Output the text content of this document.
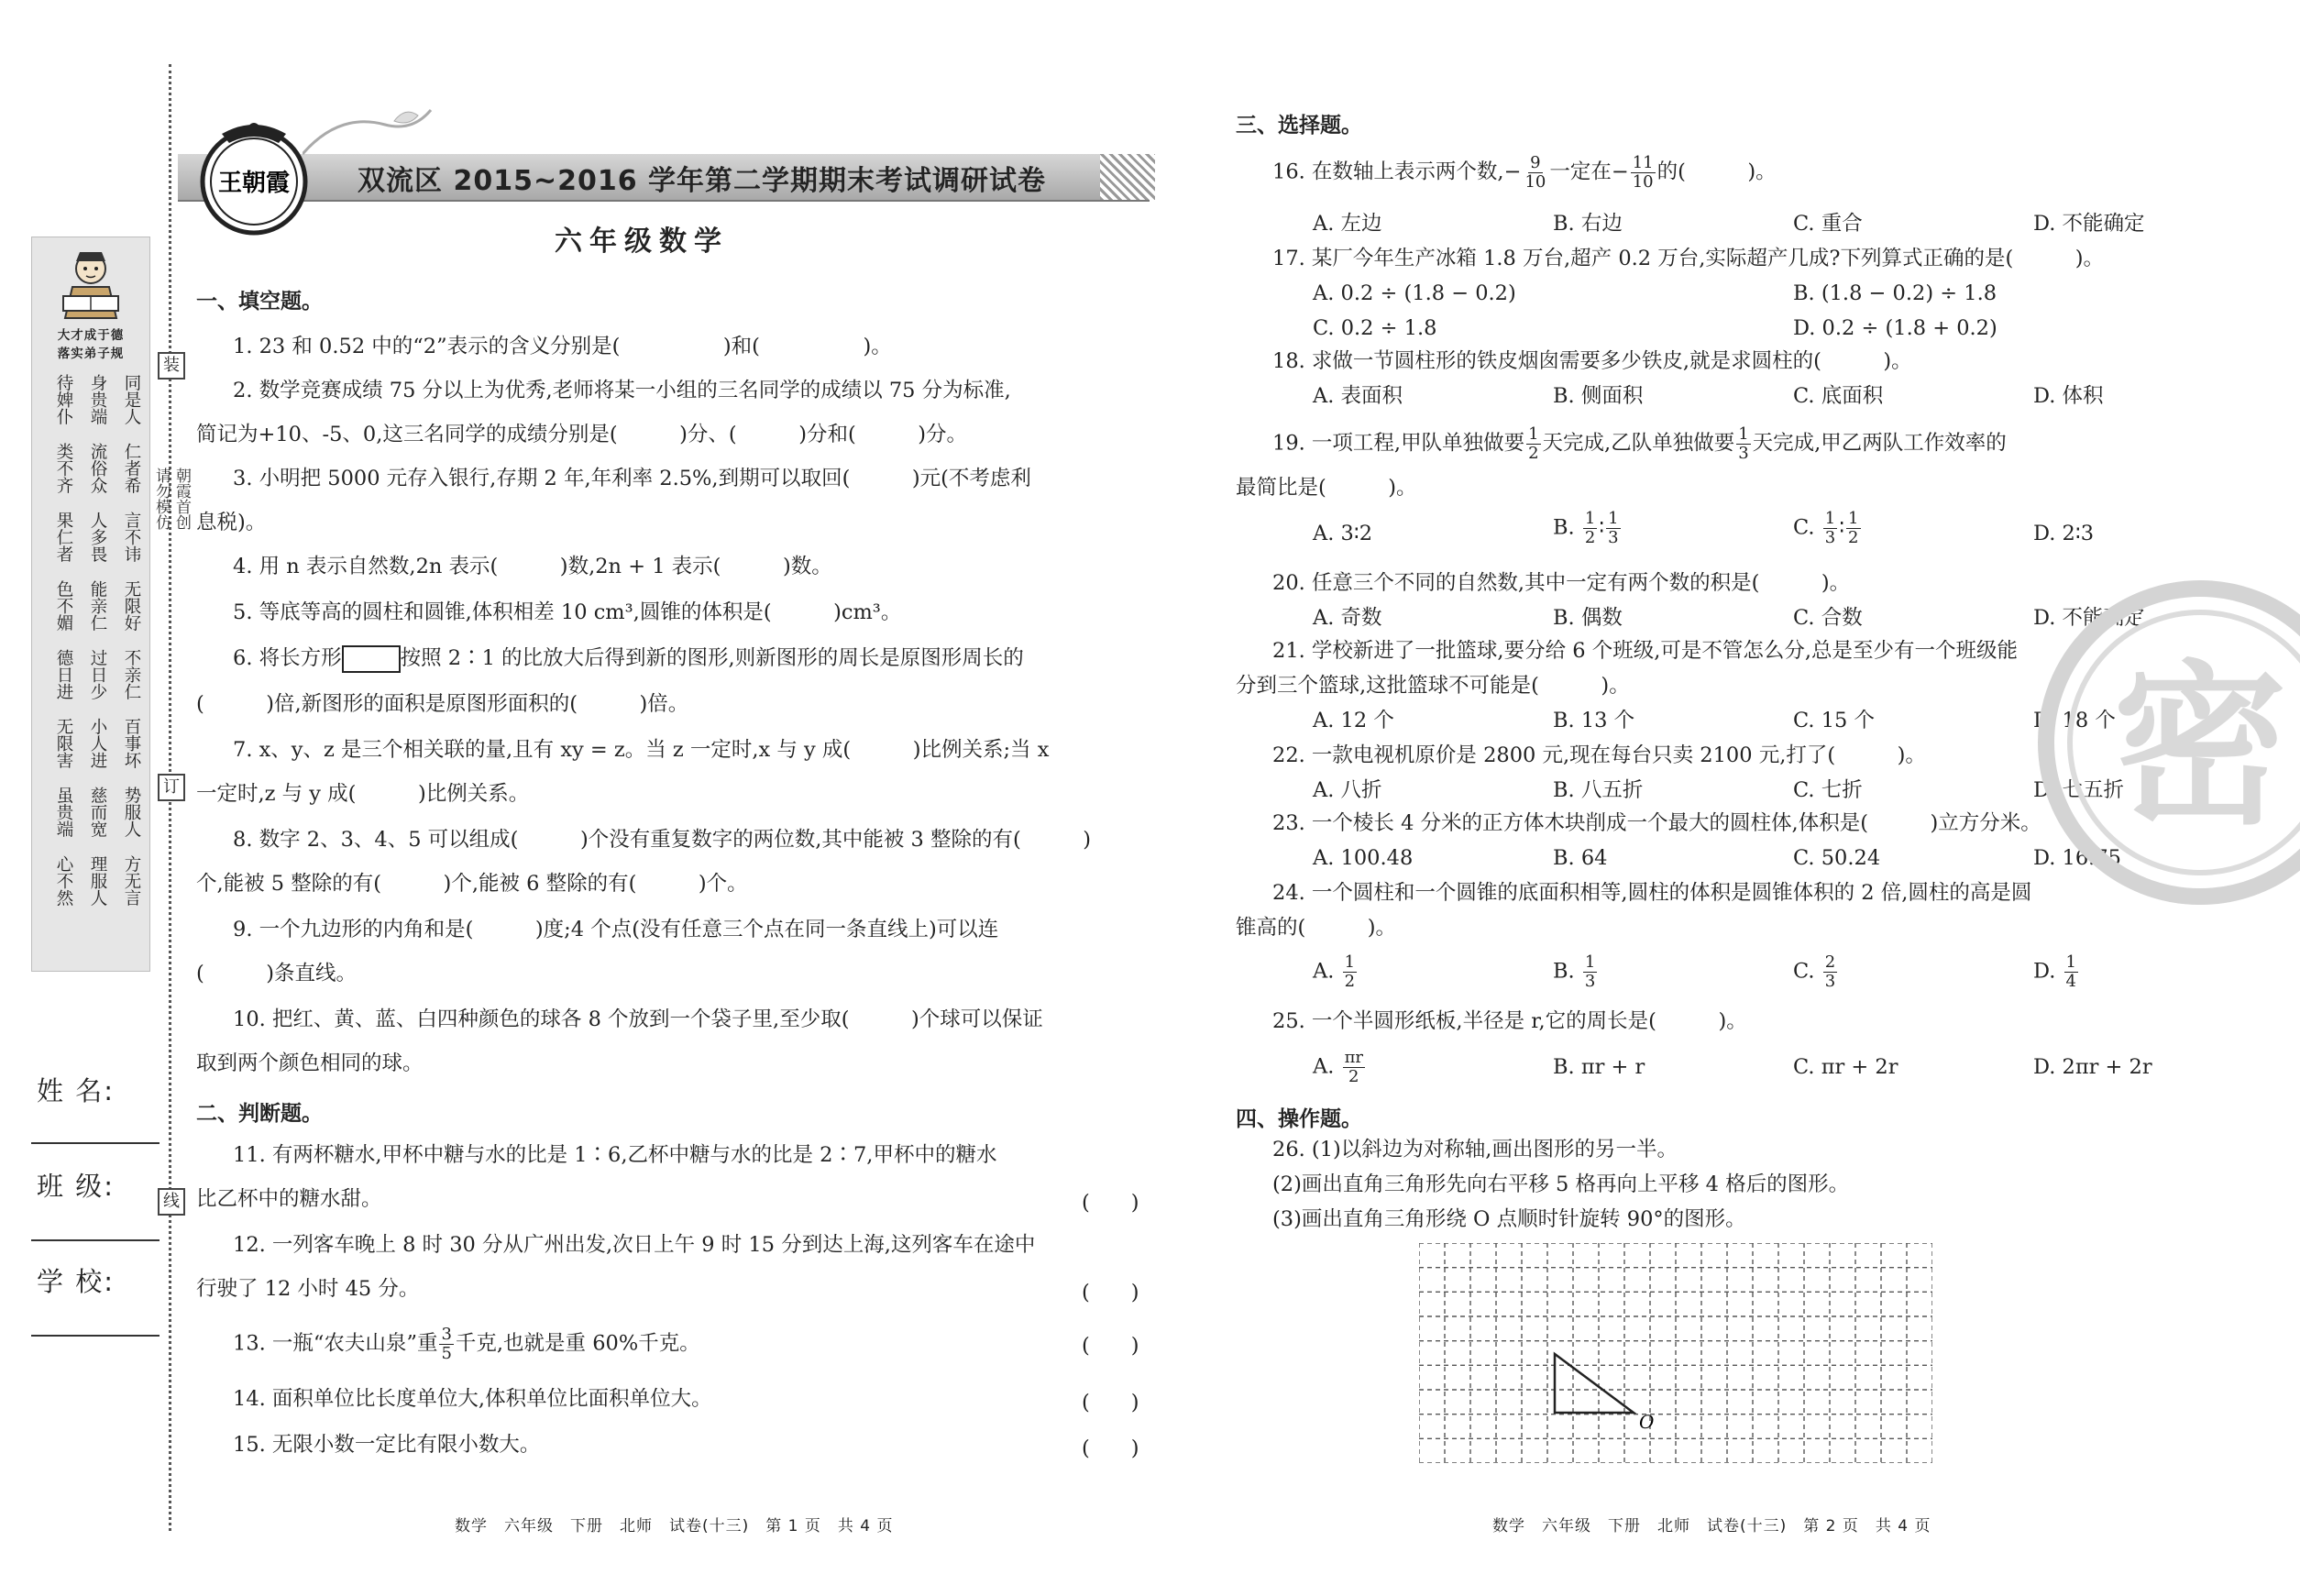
装
订
线
朝霞首创
请勿模仿
大才成于德
落实弟子规
待婢仆 身贵端 同是人
类不齐 流俗众 仁者希
果仁者 人多畏 言不讳
色不媚 能亲仁 无限好
德日进 过日少 不亲仁
无限害 小人进 百事坏
虽贵端 慈而宽 势服人
心不然 理服人 方无言
姓 名:
班 级:
学 校:
王朝霞 双流区 2015~2016 学年第二学期期末考试调研试卷
六年级数学
一、填空题。
1. 23 和 0.52 中的“2”表示的含义分别是(　　　　　)和(　　　　　)。
2. 数学竞赛成绩 75 分以上为优秀,老师将某一小组的三名同学的成绩以 75 分为标准,
简记为+10、-5、0,这三名同学的成绩分别是(　　　)分、(　　　)分和(　　　)分。
3. 小明把 5000 元存入银行,存期 2 年,年利率 2.5%,到期可以取回(　　　)元(不考虑利
息税)。
4. 用 n 表示自然数,2n 表示(　　　)数,2n + 1 表示(　　　)数。
5. 等底等高的圆柱和圆锥,体积相差 10 cm³,圆锥的体积是(　　　)cm³。
6. 将长方形	按照 2∶1 的比放大后得到新的图形,则新图形的周长是原图形周长的
(　　　)倍,新图形的面积是原图形面积的(　　　)倍。
7. x、y、z 是三个相关联的量,且有 xy = z。当 z 一定时,x 与 y 成(　　　)比例关系;当 x
一定时,z 与 y 成(　　　)比例关系。
8. 数字 2、3、4、5 可以组成(　　　)个没有重复数字的两位数,其中能被 3 整除的有(　　　)
个,能被 5 整除的有(　　　)个,能被 6 整除的有(　　　)个。
9. 一个九边形的内角和是(　　　)度;4 个点(没有任意三个点在同一条直线上)可以连
(　　　)条直线。
10. 把红、黄、蓝、白四种颜色的球各 8 个放到一个袋子里,至少取(　　　)个球可以保证
取到两个颜色相同的球。
二、判断题。
11. 有两杯糖水,甲杯中糖与水的比是 1∶6,乙杯中糖与水的比是 2∶7,甲杯中的糖水
比乙杯中的糖水甜。	(　　)
12. 一列客车晚上 8 时 30 分从广州出发,次日上午 9 时 15 分到达上海,这列客车在途中
行驶了 12 小时 45 分。	(　　)
13. 一瓶“农夫山泉”重 $\frac{3}{5}$ 千克,也就是重 60%千克。	(　　)
14. 面积单位比长度单位大,体积单位比面积单位大。	(　　)
15. 无限小数一定比有限小数大。	(　　)
数学　六年级　下册　北师　试卷(十三)　第 1 页　共 4 页
三、选择题。
16. 在数轴上表示两个数,− $\frac{9}{10}$ 一定在− $\frac{11}{10}$ 的(　　　)。
A. 左边	B. 右边	C. 重合	D. 不能确定
17. 某厂今年生产冰箱 1.8 万台,超产 0.2 万台,实际超产几成?下列算式正确的是(　　　)。
A. 0.2 ÷ (1.8 − 0.2)	B. (1.8 − 0.2) ÷ 1.8
C. 0.2 ÷ 1.8	D. 0.2 ÷ (1.8 + 0.2)
18. 求做一节圆柱形的铁皮烟囱需要多少铁皮,就是求圆柱的(　　　)。
A. 表面积	B. 侧面积	C. 底面积	D. 体积
19. 一项工程,甲队单独做要 $\frac{1}{2}$ 天完成,乙队单独做要 $\frac{1}{3}$ 天完成,甲乙两队工作效率的
最简比是(　　　)。
A. 3∶2	B. $\frac{1}{2}$ ∶ $\frac{1}{3}$	C. $\frac{1}{3}$ ∶ $\frac{1}{2}$	D. 2∶3
20. 任意三个不同的自然数,其中一定有两个数的积是(　　　)。
A. 奇数	B. 偶数	C. 合数	D. 不能确定
21. 学校新进了一批篮球,要分给 6 个班级,可是不管怎么分,总是至少有一个班级能
分到三个篮球,这批篮球不可能是(　　　)。
A. 12 个	B. 13 个	C. 15 个	D. 18 个
22. 一款电视机原价是 2800 元,现在每台只卖 2100 元,打了(　　　)。
A. 八折	B. 八五折	C. 七折	D. 七五折
23. 一个棱长 4 分米的正方体木块削成一个最大的圆柱体,体积是(　　　)立方分米。
A. 100.48	B. 64	C. 50.24	D. 16.75
24. 一个圆柱和一个圆锥的底面积相等,圆柱的体积是圆锥体积的 2 倍,圆柱的高是圆
锥高的(　　　)。
A. $\frac{1}{2}$	B. $\frac{1}{3}$	C. $\frac{2}{3}$	D. $\frac{1}{4}$
25. 一个半圆形纸板,半径是 r,它的周长是(　　　)。
A. $\frac{\pi r}{2}$	B. πr + r	C. πr + 2r	D. 2πr + 2r
四、操作题。
26. (1)以斜边为对称轴,画出图形的另一半。
(2)画出直角三角形先向右平移 5 格再向上平移 4 格后的图形。
(3)画出直角三角形绕 O 点顺时针旋转 90°的图形。
O
密
数学　六年级　下册　北师　试卷(十三)　第 2 页　共 4 页
